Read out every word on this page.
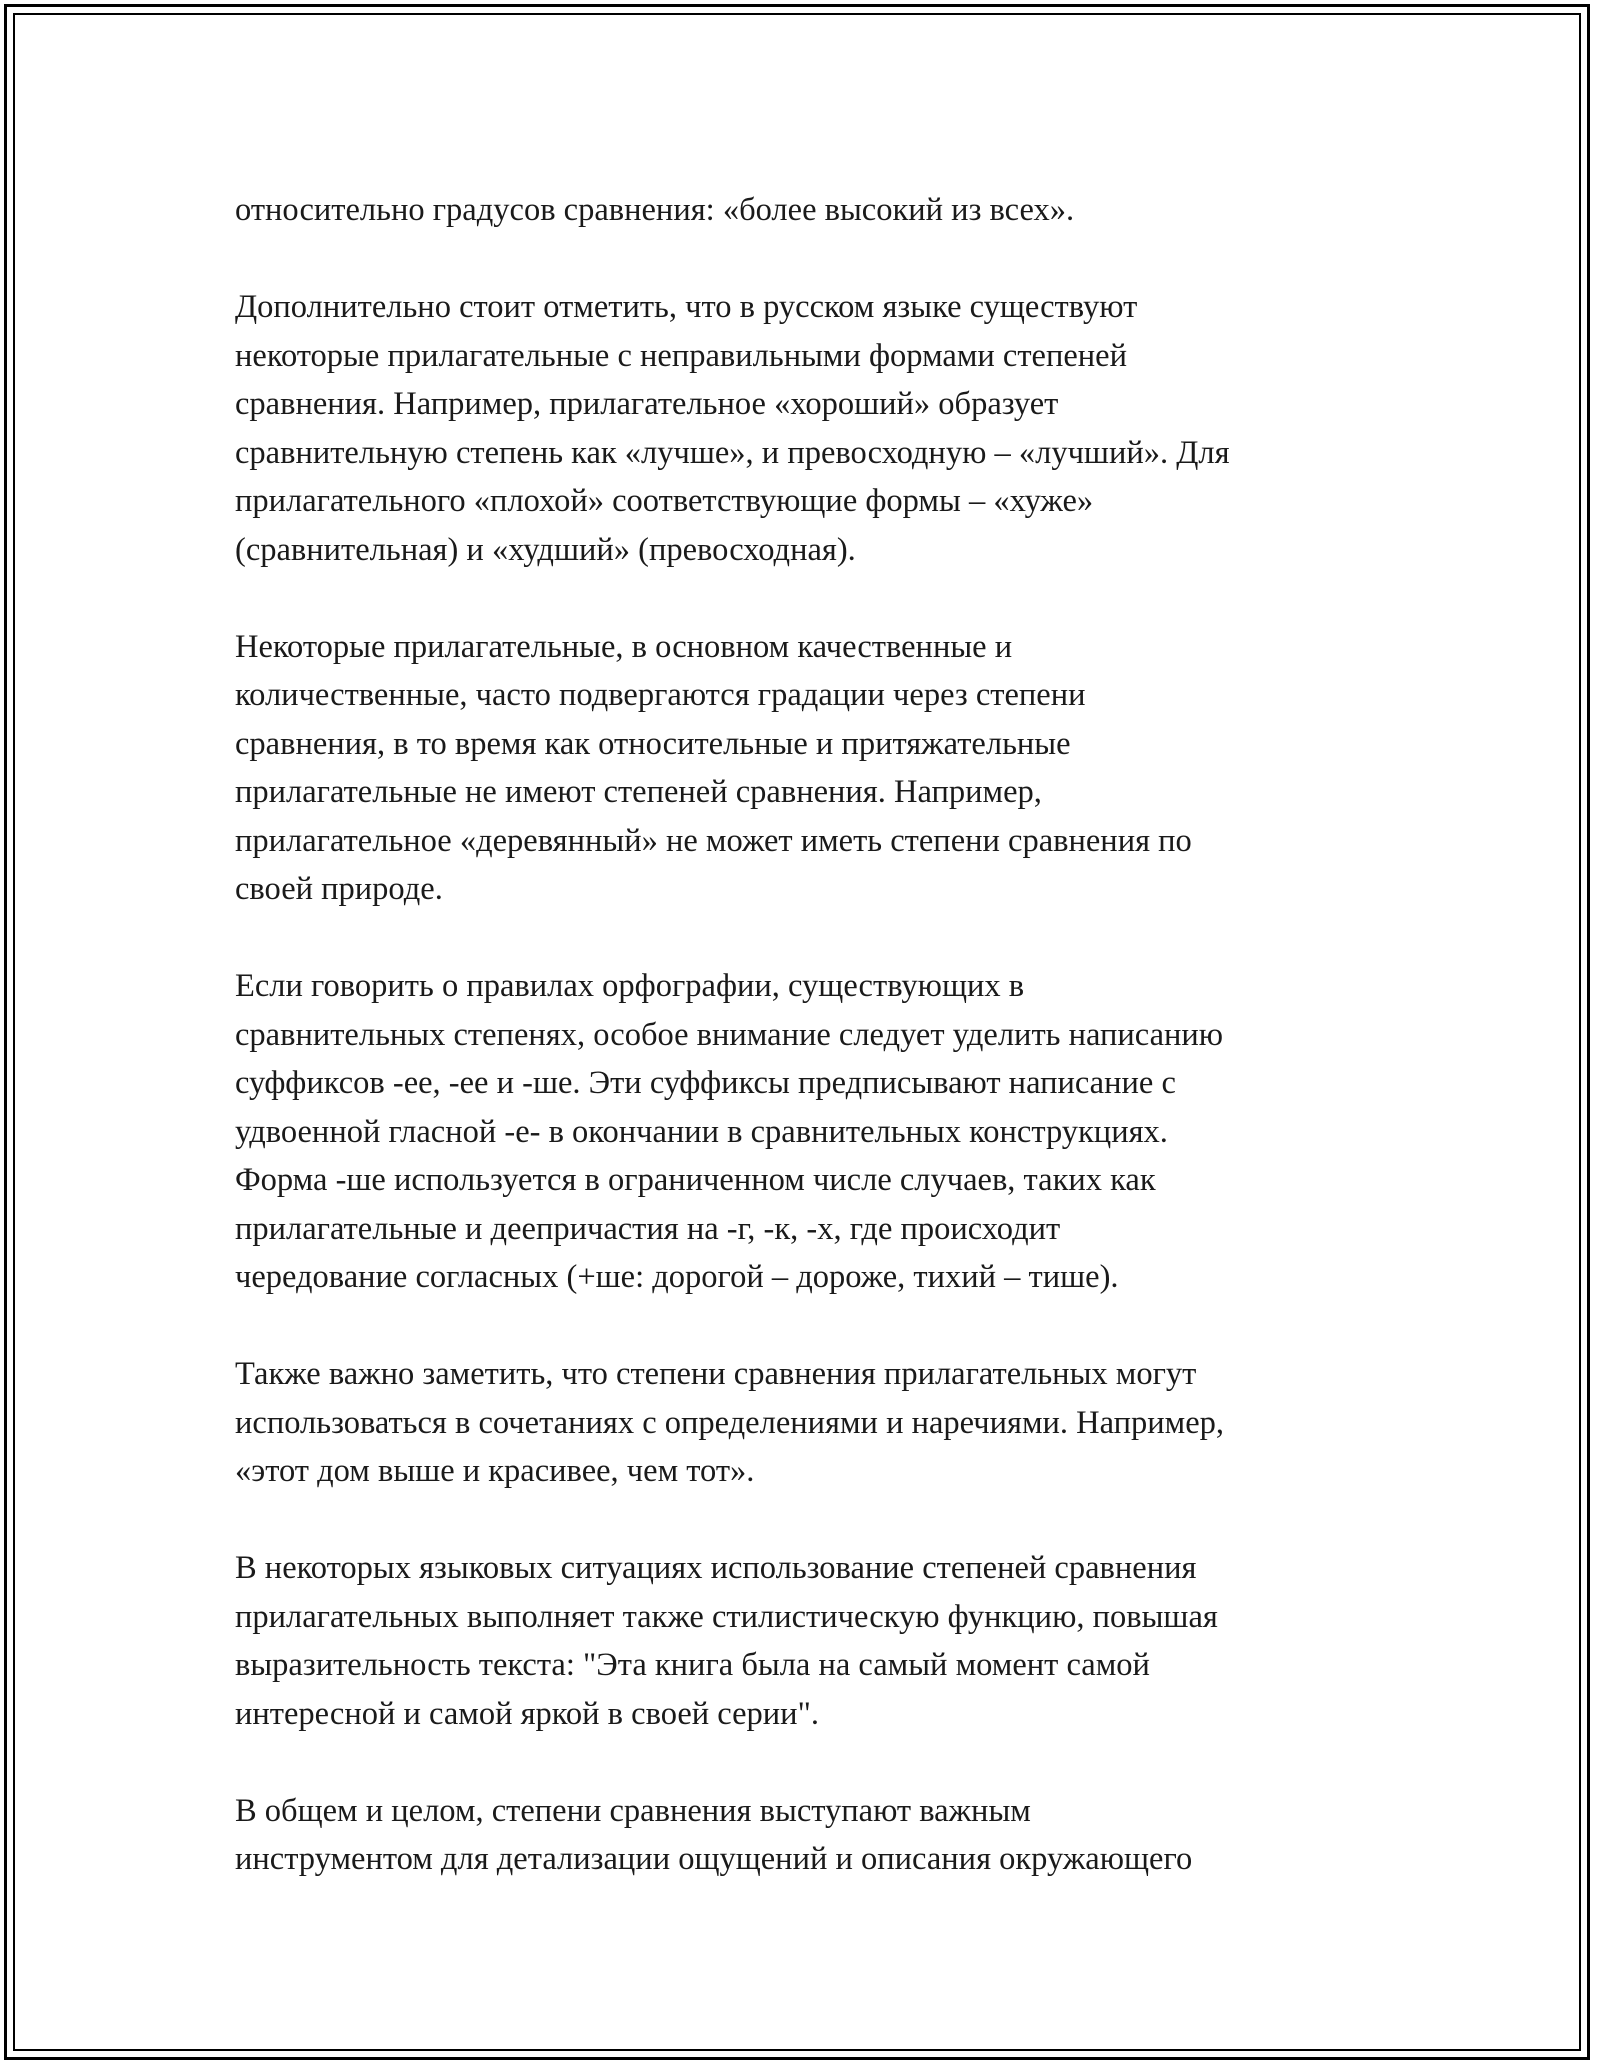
относительно градусов сравнения: «более высокий из всех».

Дополнительно стоит отметить, что в русском языке существуют
некоторые прилагательные с неправильными формами степеней
сравнения. Например, прилагательное «хороший» образует
сравнительную степень как «лучше», и превосходную – «лучший». Для
прилагательного «плохой» соответствующие формы – «хуже»
(сравнительная) и «худший» (превосходная).

Некоторые прилагательные, в основном качественные и
количественные, часто подвергаются градации через степени
сравнения, в то время как относительные и притяжательные
прилагательные не имеют степеней сравнения. Например,
прилагательное «деревянный» не может иметь степени сравнения по
своей природе.

Если говорить о правилах орфографии, существующих в
сравнительных степенях, особое внимание следует уделить написанию
суффиксов -ее, -ее и -ше. Эти суффиксы предписывают написание с
удвоенной гласной -е- в окончании в сравнительных конструкциях.
Форма -ше используется в ограниченном числе случаев, таких как
прилагательные и деепричастия на -г, -к, -х, где происходит
чередование согласных (+ше: дорогой – дороже, тихий – тише).

Также важно заметить, что степени сравнения прилагательных могут
использоваться в сочетаниях с определениями и наречиями. Например,
«этот дом выше и красивее, чем тот».

В некоторых языковых ситуациях использование степеней сравнения
прилагательных выполняет также стилистическую функцию, повышая
выразительность текста: "Эта книга была на самый момент самой
интересной и самой яркой в своей серии".

В общем и целом, степени сравнения выступают важным
инструментом для детализации ощущений и описания окружающего
